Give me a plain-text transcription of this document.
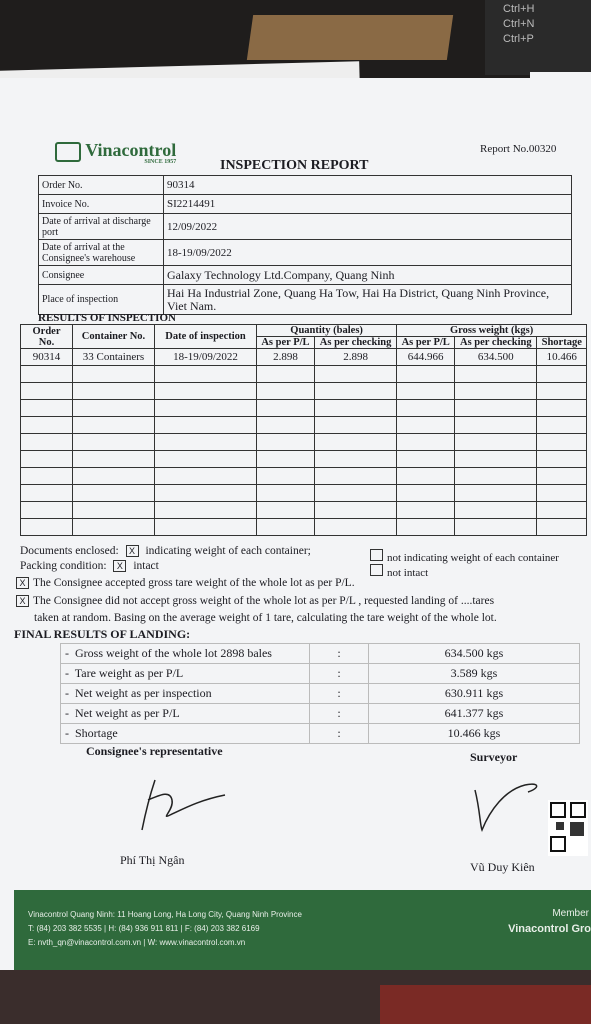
Ctrl+H
Ctrl+N
Ctrl+P
Vinacontrol
SINCE 1957	INSPECTION REPORT
Report No.00320
Order No.	90314
Invoice No.	SI2214491
Date of arrival at discharge port	12/09/2022
Date of arrival at the Consignee's warehouse	18-19/09/2022
Consignee	Galaxy Technology Ltd.Company, Quang Ninh
Place of inspection	Hai Ha Industrial Zone, Quang Ha Tow, Hai Ha District, Quang Ninh Province, Viet Nam.
RESULTS OF INSPECTION
Order No.	Container No.	Date of inspection	Quantity (bales)		Gross weight (kgs)		
			As per P/L	As per checking	As per P/L	As per checking	Shortage
90314	33 Containers	18-19/09/2022	2.898	2.898	644.966	634.500	10.466

Documents enclosed: X indicating weight of each container;
not indicating weight of each container
Packing condition: X intact
not intact
X The Consignee accepted gross tare weight of the whole lot as per P/L.
X The Consignee did not accept gross weight of the whole lot as per P/L , requested landing of ....tares
taken at random. Basing on the average weight of 1 tare, calculating the tare weight of the whole lot.
FINAL RESULTS OF LANDING:
-  Gross weight of the whole lot 2898 bales	:	634.500 kgs
-  Tare weight as per P/L	:	3.589 kgs
-  Net weight as per inspection	:	630.911 kgs
-  Net weight as per P/L	:	641.377 kgs
-  Shortage	:	10.466 kgs
Consignee's representative	Surveyor
Phí Thị Ngân	Vũ Duy Kiên
Vinacontrol Quang Ninh: 11 Hoang Long, Ha Long City, Quang Ninh Province
T: (84) 203 382 5535 | H: (84) 936 911 811 | F: (84) 203 382 6169
E: nvth_qn@vinacontrol.com.vn | W: www.vinacontrol.com.vn
Member
Vinacontrol Gro
